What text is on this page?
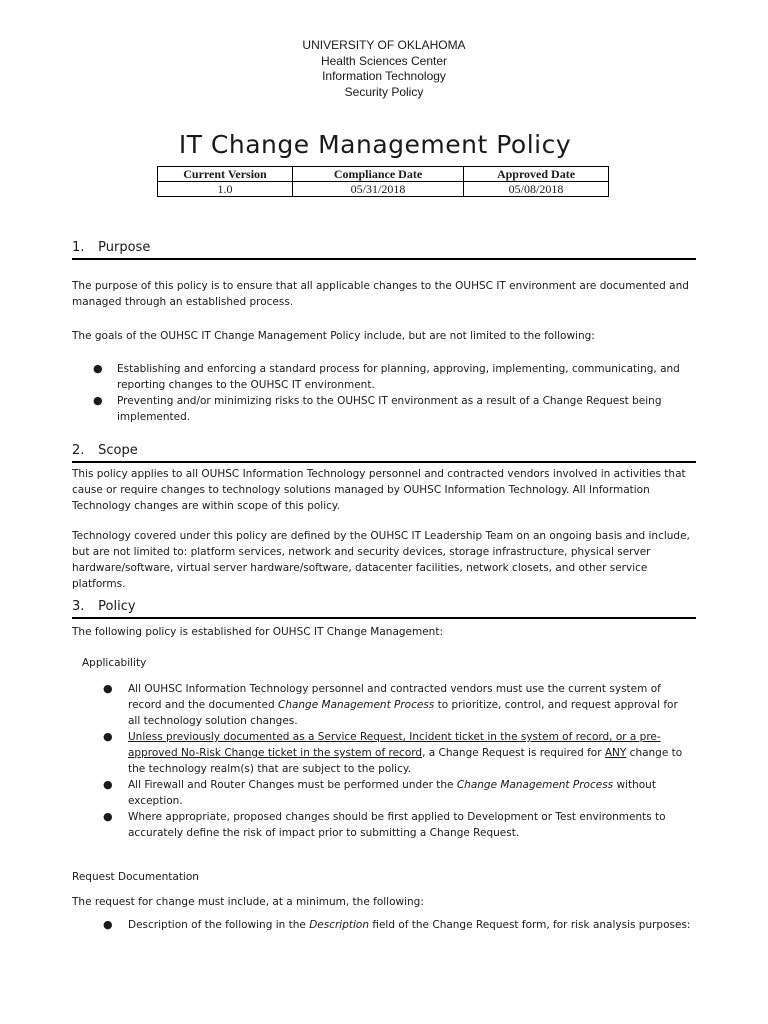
UNIVERSITY OF OKLAHOMA
Health Sciences Center
Information Technology
Security Policy
IT Change Management Policy
Current Version	Compliance Date	Approved Date
1.0	05/31/2018	05/08/2018
1. Purpose
The purpose of this policy is to ensure that all applicable changes to the OUHSC IT environment are documented and managed through an established process.
The goals of the OUHSC IT Change Management Policy include, but are not limited to the following:
● Establishing and enforcing a standard process for planning, approving, implementing, communicating, and reporting changes to the OUHSC IT environment.
● Preventing and/or minimizing risks to the OUHSC IT environment as a result of a Change Request being implemented.
2. Scope
This policy applies to all OUHSC Information Technology personnel and contracted vendors involved in activities that cause or require changes to technology solutions managed by OUHSC Information Technology. All Information Technology changes are within scope of this policy.
Technology covered under this policy are defined by the OUHSC IT Leadership Team on an ongoing basis and include, but are not limited to: platform services, network and security devices, storage infrastructure, physical server hardware/software, virtual server hardware/software, datacenter facilities, network closets, and other service platforms.
3. Policy
The following policy is established for OUHSC IT Change Management:
Applicability
● All OUHSC Information Technology personnel and contracted vendors must use the current system of record and the documented Change Management Process to prioritize, control, and request approval for all technology solution changes.
● Unless previously documented as a Service Request, Incident ticket in the system of record, or a pre-approved No-Risk Change ticket in the system of record, a Change Request is required for ANY change to the technology realm(s) that are subject to the policy.
● All Firewall and Router Changes must be performed under the Change Management Process without exception.
● Where appropriate, proposed changes should be first applied to Development or Test environments to accurately define the risk of impact prior to submitting a Change Request.
Request Documentation
The request for change must include, at a minimum, the following:
● Description of the following in the Description field of the Change Request form, for risk analysis purposes:
